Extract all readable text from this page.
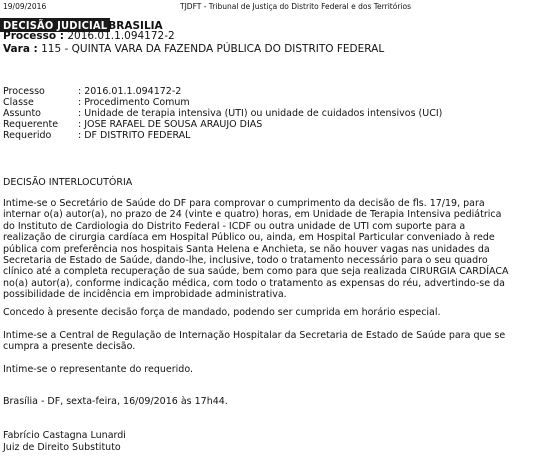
19/09/2016	TJDFT - Tribunal de Justiça do Distrito Federal e dos Territórios
DECISÃO JUDICIALBRASILIA
Processo : 2016.01.1.094172-2
Vara : 115 - QUINTA VARA DA FAZENDA PÚBLICA DO DISTRITO FEDERAL
Processo	: 2016.01.1.094172-2
Classe	: Procedimento Comum
Assunto	: Unidade de terapia intensiva (UTI) ou unidade de cuidados intensivos (UCI)
Requerente : JOSE RAFAEL DE SOUSA ARAUJO DIAS
Requerido	: DF DISTRITO FEDERAL
DECISÃO INTERLOCUTÓRIA
Intime-se o Secretário de Saúde do DF para comprovar o cumprimento da decisão de fls. 17/19, para
internar o(a) autor(a), no prazo de 24 (vinte e quatro) horas, em Unidade de Terapia Intensiva pediátrica
do Instituto de Cardiologia do Distrito Federal - ICDF ou outra unidade de UTI com suporte para a
realização de cirurgia cardíaca em Hospital Público ou, ainda, em Hospital Particular conveniado à rede
pública com preferência nos hospitais Santa Helena e Anchieta, se não houver vagas nas unidades da
Secretaria de Estado de Saúde, dando-lhe, inclusive, todo o tratamento necessário para o seu quadro
clínico até a completa recuperação de sua saúde, bem como para que seja realizada CIRURGIA CARDÍACA
no(a) autor(a), conforme indicação médica, com todo o tratamento as expensas do réu, advertindo-se da
possibilidade de incidência em improbidade administrativa.
Concedo à presente decisão força de mandado, podendo ser cumprida em horário especial.
Intime-se a Central de Regulação de Internação Hospitalar da Secretaria de Estado de Saúde para que se
cumpra a presente decisão.
Intime-se o representante do requerido.
Brasília - DF, sexta-feira, 16/09/2016 às 17h44.
Fabrício Castagna Lunardi
Juiz de Direito Substituto
